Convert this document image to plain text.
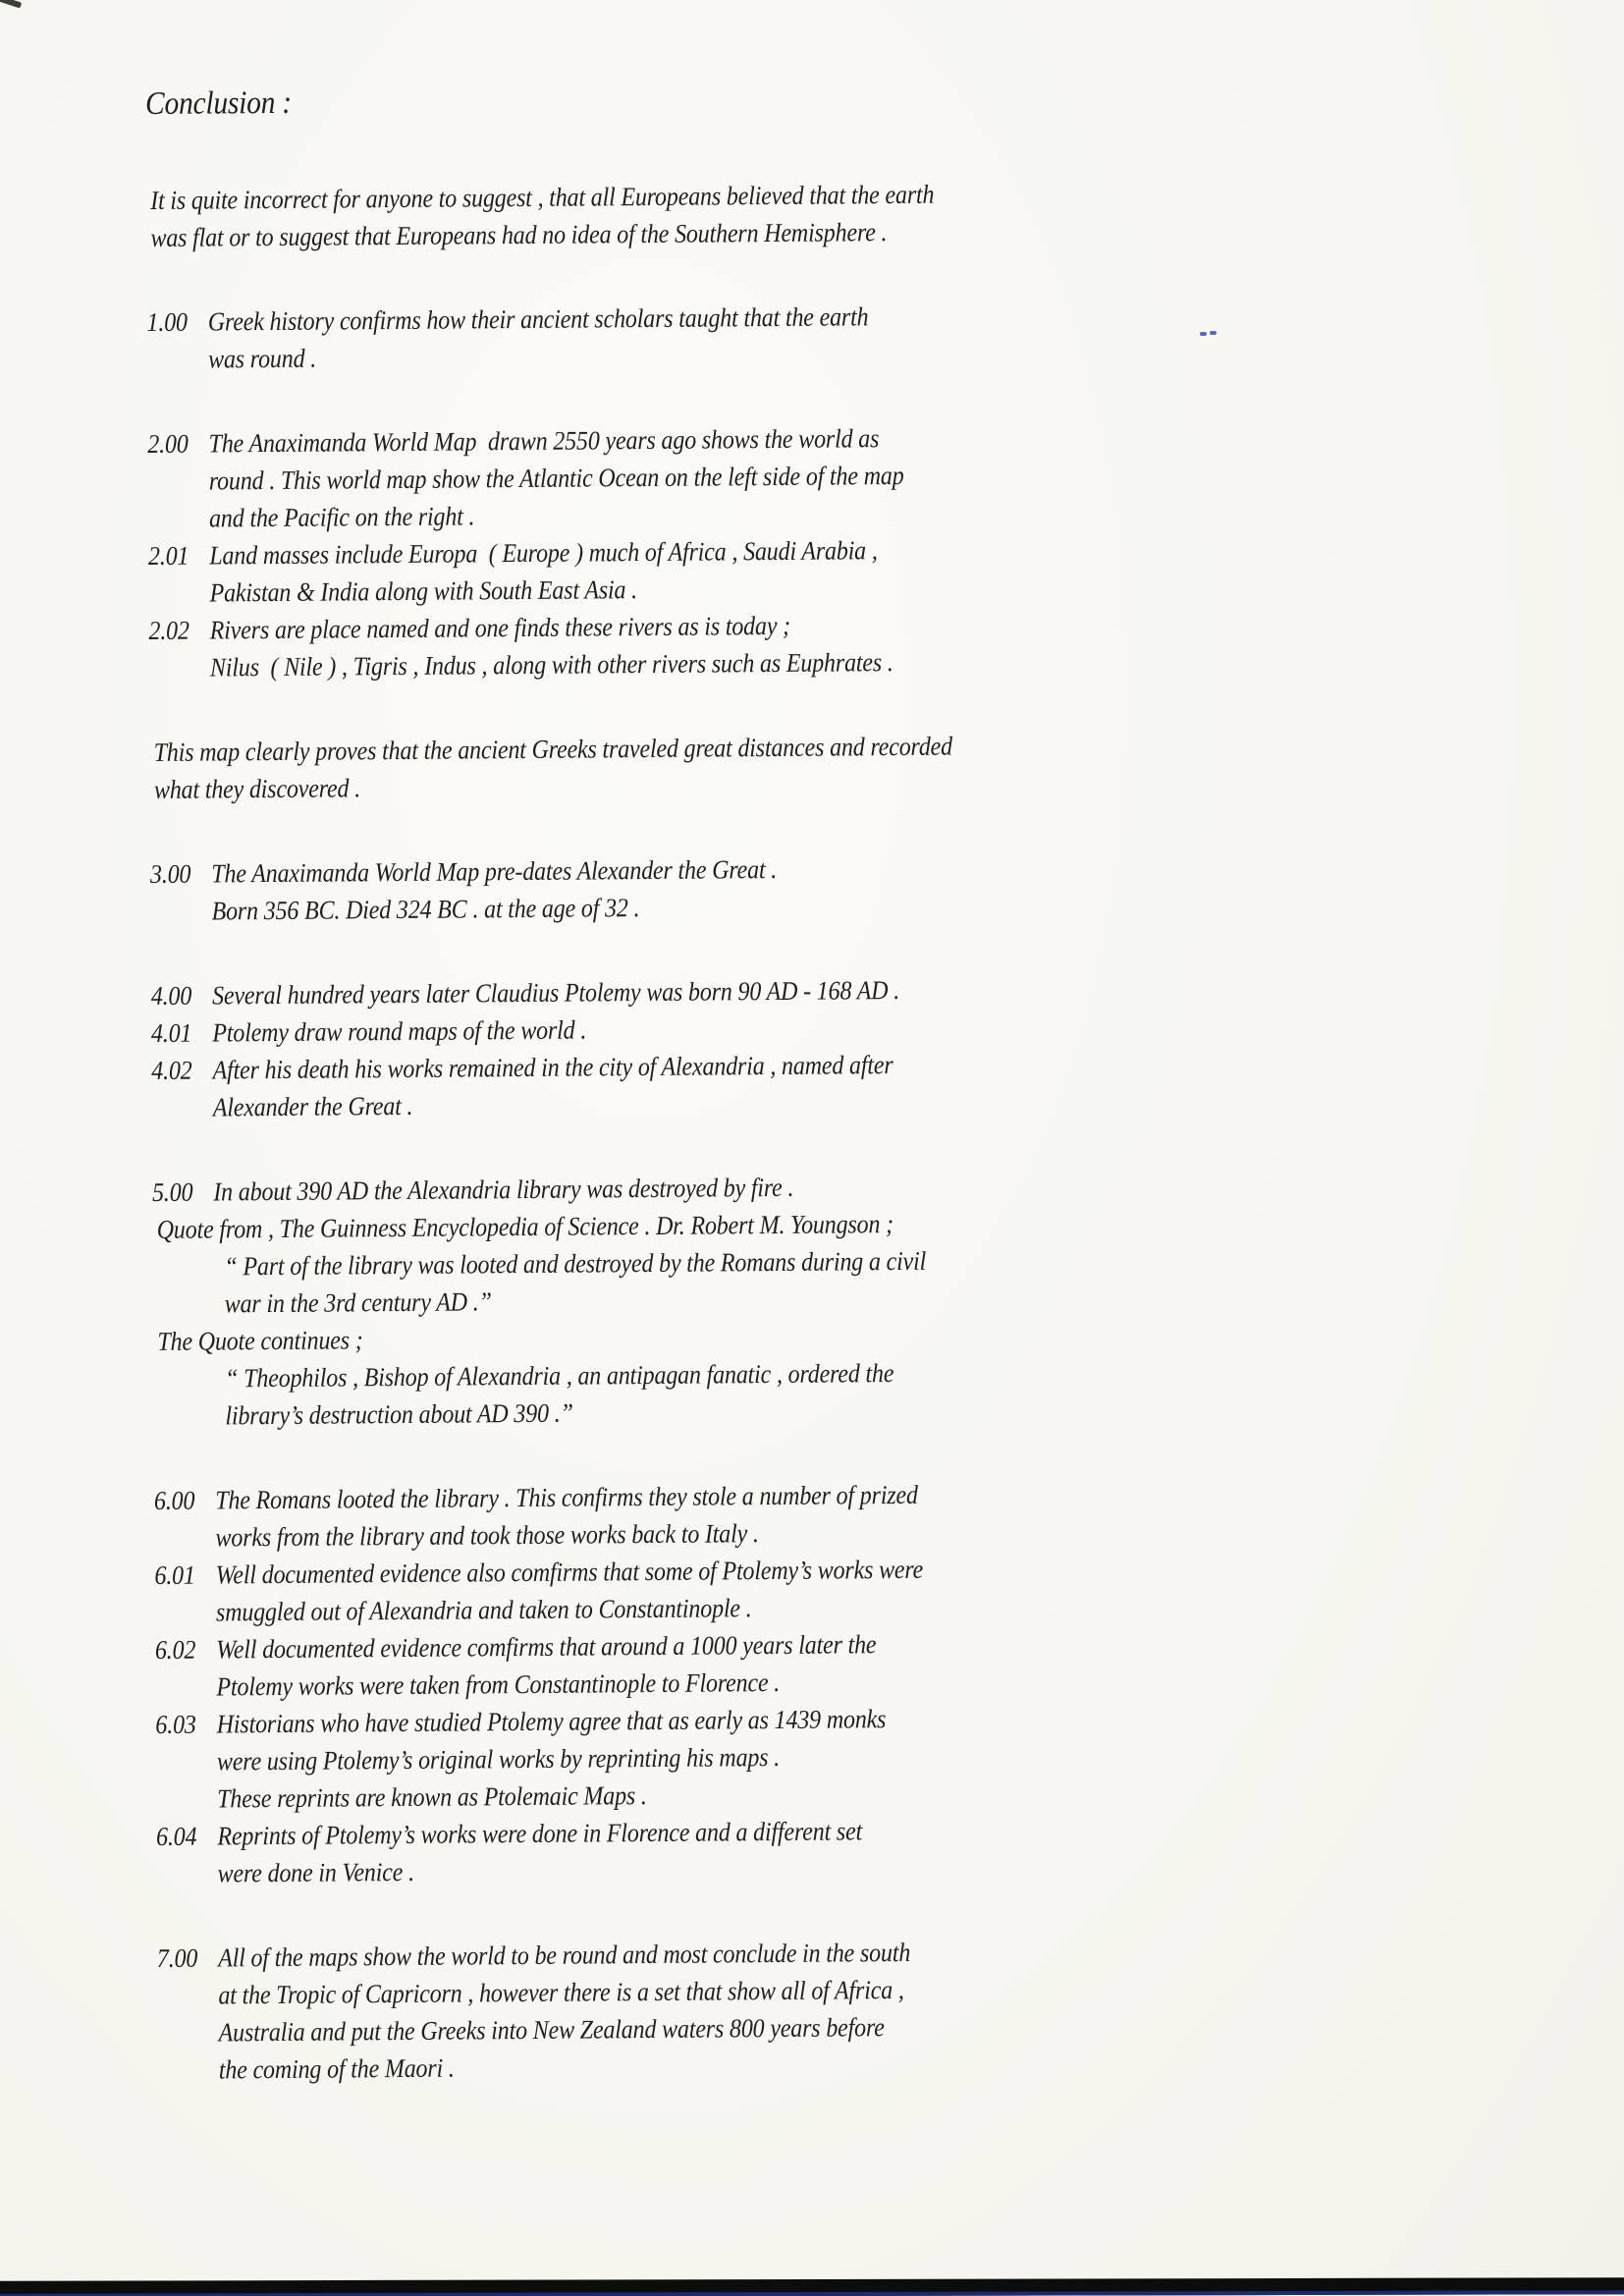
Conclusion :
It is quite incorrect for anyone to suggest , that all Europeans believed that the earth
was flat or to suggest that Europeans had no idea of the Southern Hemisphere .
1.00 Greek history confirms how their ancient scholars taught that the earth
was round .
2.00 The Anaximanda World Map  drawn 2550 years ago shows the world as
round . This world map show the Atlantic Ocean on the left side of the map
and the Pacific on the right .
2.01 Land masses include Europa  ( Europe ) much of Africa , Saudi Arabia ,
Pakistan & India along with South East Asia .
2.02 Rivers are place named and one finds these rivers as is today ;
Nilus  ( Nile ) , Tigris , Indus , along with other rivers such as Euphrates .
This map clearly proves that the ancient Greeks traveled great distances and recorded
what they discovered .
3.00 The Anaximanda World Map pre-dates Alexander the Great .
Born 356 BC. Died 324 BC . at the age of 32 .
4.00 Several hundred years later Claudius Ptolemy was born 90 AD - 168 AD .
4.01 Ptolemy draw round maps of the world .
4.02 After his death his works remained in the city of Alexandria , named after
Alexander the Great .
5.00 In about 390 AD the Alexandria library was destroyed by fire .
Quote from , The Guinness Encyclopedia of Science . Dr. Robert M. Youngson ;
“ Part of the library was looted and destroyed by the Romans during a civil
war in the 3rd century AD .”
The Quote continues ;
“ Theophilos , Bishop of Alexandria , an antipagan fanatic , ordered the
library’s destruction about AD 390 .”
6.00 The Romans looted the library . This confirms they stole a number of prized
works from the library and took those works back to Italy .
6.01 Well documented evidence also comfirms that some of Ptolemy’s works were
smuggled out of Alexandria and taken to Constantinople .
6.02 Well documented evidence comfirms that around a 1000 years later the
Ptolemy works were taken from Constantinople to Florence .
6.03 Historians who have studied Ptolemy agree that as early as 1439 monks
were using Ptolemy’s original works by reprinting his maps .
These reprints are known as Ptolemaic Maps .
6.04 Reprints of Ptolemy’s works were done in Florence and a different set
were done in Venice .
7.00 All of the maps show the world to be round and most conclude in the south
at the Tropic of Capricorn , however there is a set that show all of Africa ,
Australia and put the Greeks into New Zealand waters 800 years before
the coming of the Maori .
